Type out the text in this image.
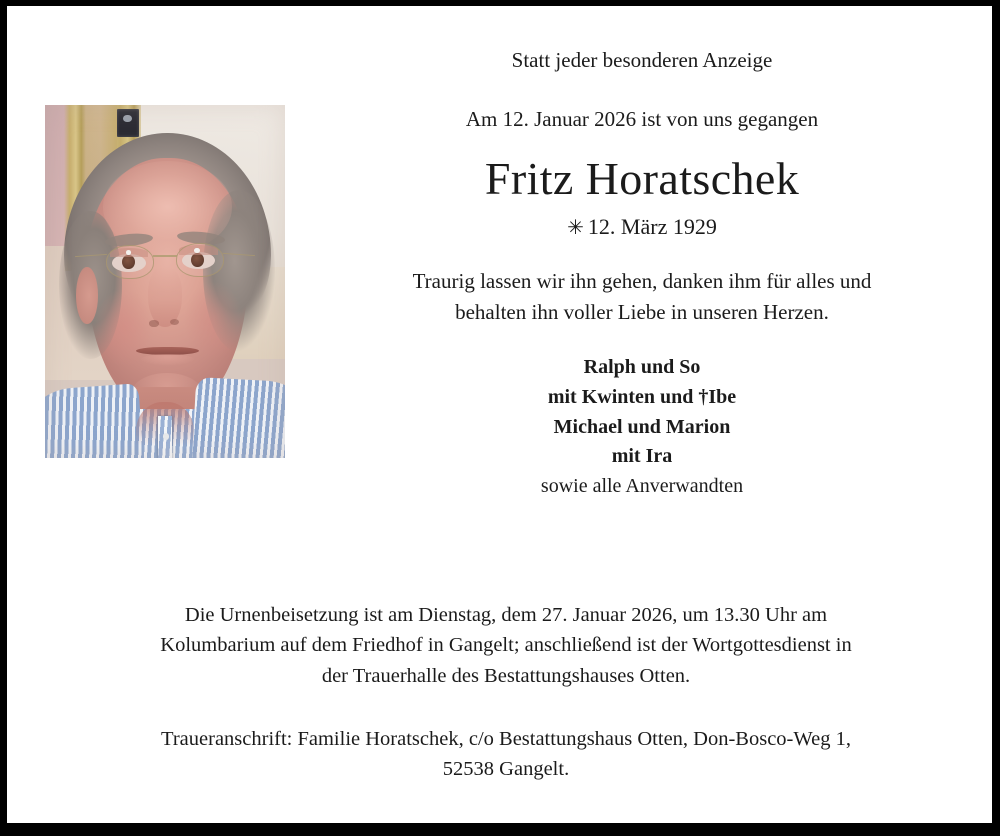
Statt jeder besonderen Anzeige
Am 12. Januar 2026 ist von uns gegangen
Fritz Horatschek
✳ 12. März 1929
Traurig lassen wir ihn gehen, danken ihm für alles und
behalten ihn voller Liebe in unseren Herzen.
Ralph und So
mit Kwinten und †Ibe
Michael und Marion
mit Ira
sowie alle Anverwandten
Die Urnenbeisetzung ist am Dienstag, dem 27. Januar 2026, um 13.30 Uhr am
Kolumbarium auf dem Friedhof in Gangelt; anschließend ist der Wortgottesdienst in
der Trauerhalle des Bestattungshauses Otten.
Traueranschrift: Familie Horatschek, c/o Bestattungshaus Otten, Don-Bosco-Weg 1,
52538 Gangelt.
